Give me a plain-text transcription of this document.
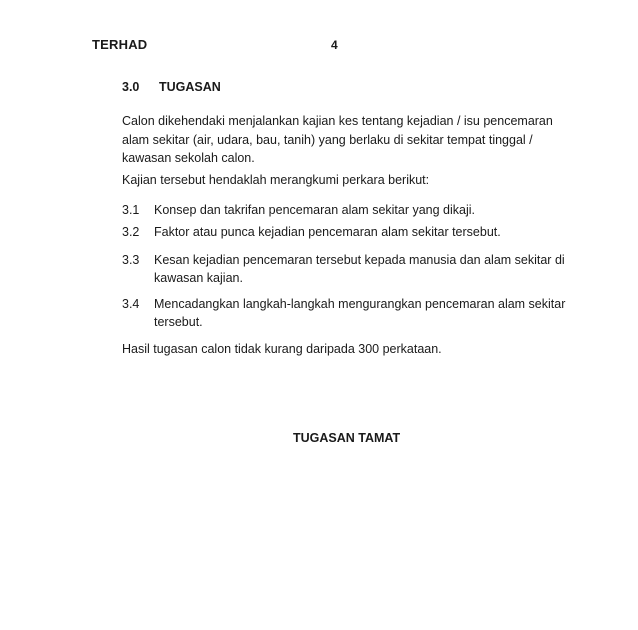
TERHAD	4
3.0 TUGASAN
Calon dikehendaki menjalankan kajian kes tentang kejadian / isu pencemaran
alam sekitar (air, udara, bau, tanih) yang berlaku di sekitar tempat tinggal /
kawasan sekolah calon.
Kajian tersebut hendaklah merangkumi perkara berikut:
3.1 Konsep dan takrifan pencemaran alam sekitar yang dikaji.
3.2 Faktor atau punca kejadian pencemaran alam sekitar tersebut.
3.3 Kesan kejadian pencemaran tersebut kepada manusia dan alam sekitar di
kawasan kajian.
3.4 Mencadangkan langkah-langkah mengurangkan pencemaran alam sekitar
tersebut.
Hasil tugasan calon tidak kurang daripada 300 perkataan.
TUGASAN TAMAT
